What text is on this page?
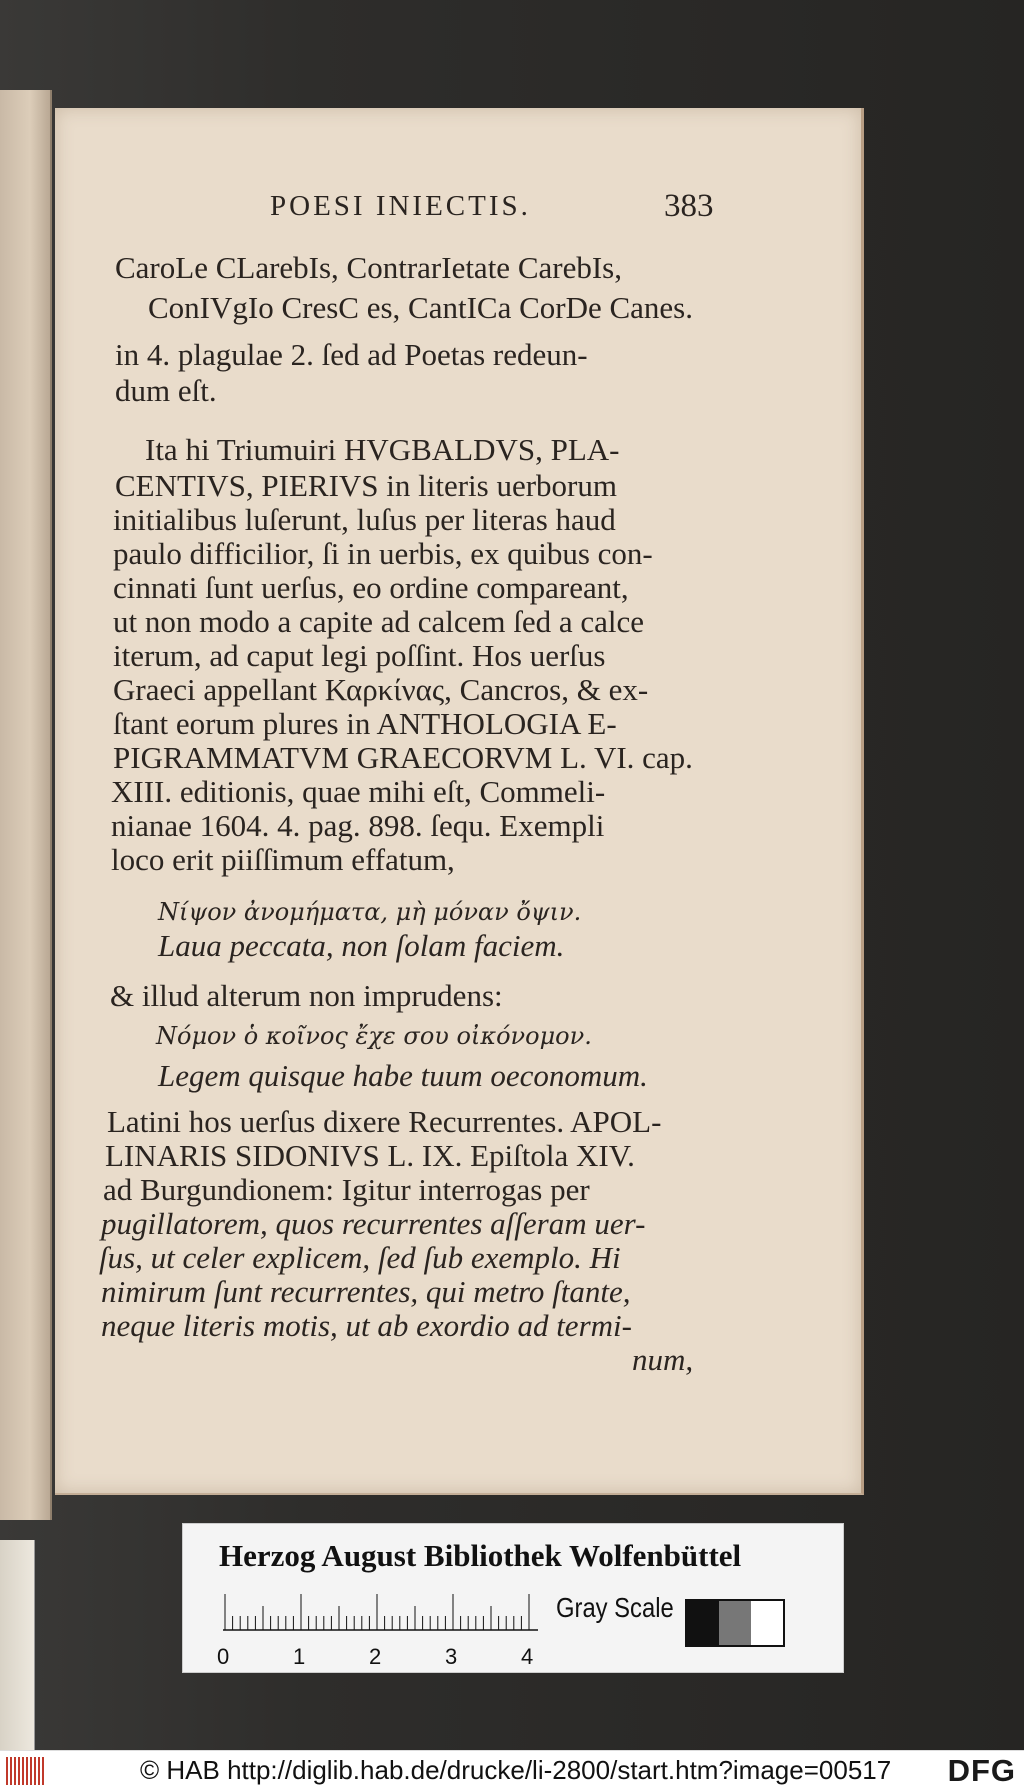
POESI INIECTIS.	383
CaroLe CLarebIs, ContrarIetate CarebIs,
ConIVgIo CresC es, CantICa CorDe Canes.
in 4. plagulae 2. ſed ad Poetas redeun-
dum eſt.
Ita hi Triumuiri HVGBALDVS, PLA-
CENTIVS, PIERIVS in literis uerborum
initialibus luſerunt, luſus per literas haud
paulo difficilior, ſi in uerbis, ex quibus con-
cinnati ſunt uerſus, eo ordine compareant,
ut non modo a capite ad calcem ſed a calce
iterum, ad caput legi poſſint. Hos uerſus
Graeci appellant Καρκίνας, Cancros, & ex-
ſtant eorum plures in ANTHOLOGIA E-
PIGRAMMATVM GRAECORVM L. VI. cap.
XIII. editionis, quae mihi eſt, Commeli-
nianae 1604. 4. pag. 898. ſequ. Exempli
loco erit piiſſimum effatum,
Νίψον ἀνομήματα, μὴ μόναν ὄψιν.
Laua peccata, non ſolam faciem.
& illud alterum non imprudens:
Νόμον ὁ κοῖνος ἔχε σου οἰκόνομον.
Legem quisque habe tuum oeconomum.
Latini hos uerſus dixere Recurrentes. APOL-
LINARIS SIDONIVS L. IX. Epiſtola XIV.
ad Burgundionem: Igitur interrogas per
pugillatorem, quos recurrentes aſſeram uer-
ſus, ut celer explicem, ſed ſub exemplo. Hi
nimirum ſunt recurrentes, qui metro ſtante,
neque literis motis, ut ab exordio ad termi-
num,
Herzog August Bibliothek Wolfenbüttel
0	1	2	3	4
Gray Scale
© HAB http://diglib.hab.de/drucke/li-2800/start.htm?image=00517 DFG
